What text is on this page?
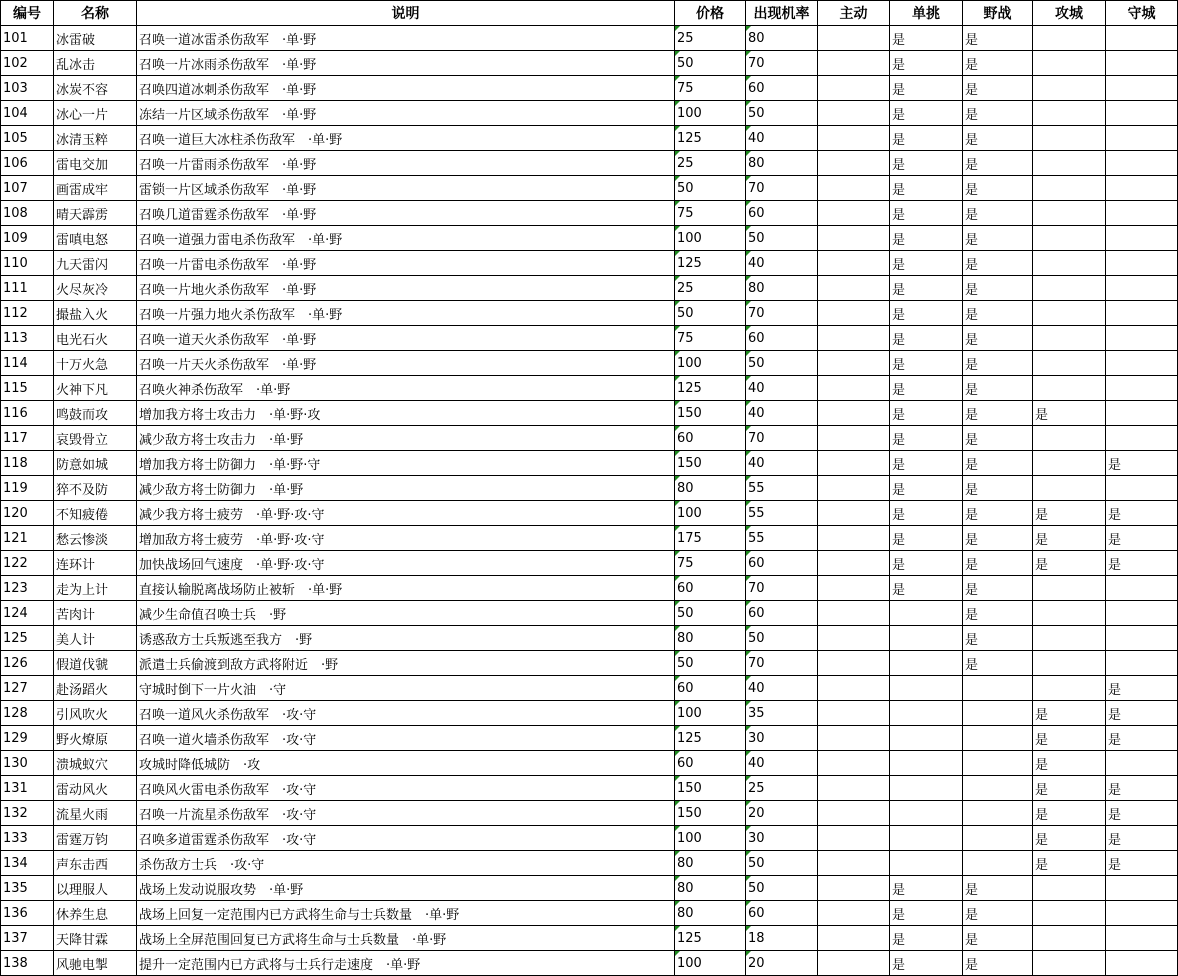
编号	名称	说明	价格	出现机率	主动	单挑	野战	攻城	守城
101	冰雷破	召唤一道冰雷杀伤敌军　·单·野	25	80		是	是		
102	乱冰击	召唤一片冰雨杀伤敌军　·单·野	50	70		是	是		
103	冰炭不容	召唤四道冰刺杀伤敌军　·单·野	75	60		是	是		
104	冰心一片	冻结一片区域杀伤敌军　·单·野	100	50		是	是		
105	冰清玉粹	召唤一道巨大冰柱杀伤敌军　·单·野	125	40		是	是		
106	雷电交加	召唤一片雷雨杀伤敌军　·单·野	25	80		是	是		
107	画雷成牢	雷锁一片区域杀伤敌军　·单·野	50	70		是	是		
108	晴天霹雳	召唤几道雷霆杀伤敌军　·单·野	75	60		是	是		
109	雷嗔电怒	召唤一道强力雷电杀伤敌军　·单·野	100	50		是	是		
110	九天雷闪	召唤一片雷电杀伤敌军　·单·野	125	40		是	是		
111	火尽灰冷	召唤一片地火杀伤敌军　·单·野	25	80		是	是		
112	撮盐入火	召唤一片强力地火杀伤敌军　·单·野	50	70		是	是		
113	电光石火	召唤一道天火杀伤敌军　·单·野	75	60		是	是		
114	十万火急	召唤一片天火杀伤敌军　·单·野	100	50		是	是		
115	火神下凡	召唤火神杀伤敌军　·单·野	125	40		是	是		
116	鸣鼓而攻	增加我方将士攻击力　·单·野·攻	150	40		是	是	是	
117	哀毁骨立	减少敌方将士攻击力　·单·野	60	70		是	是		
118	防意如城	增加我方将士防御力　·单·野·守	150	40		是	是		是
119	猝不及防	减少敌方将士防御力　·单·野	80	55		是	是		
120	不知疲倦	减少我方将士疲劳　·单·野·攻·守	100	55		是	是	是	是
121	愁云惨淡	增加敌方将士疲劳　·单·野·攻·守	175	55		是	是	是	是
122	连环计	加快战场回气速度　·单·野·攻·守	75	60		是	是	是	是
123	走为上计	直接认输脱离战场防止被斩　·单·野	60	70		是	是		
124	苦肉计	减少生命值召唤士兵　·野	50	60			是		
125	美人计	诱惑敌方士兵叛逃至我方　·野	80	50			是		
126	假道伐虢	派遣士兵偷渡到敌方武将附近　·野	50	70			是		
127	赴汤蹈火	守城时倒下一片火油　·守	60	40					是
128	引风吹火	召唤一道风火杀伤敌军　·攻·守	100	35				是	是
129	野火燎原	召唤一道火墙杀伤敌军　·攻·守	125	30				是	是
130	溃城蚁穴	攻城时降低城防　·攻	60	40				是	
131	雷动风火	召唤风火雷电杀伤敌军　·攻·守	150	25				是	是
132	流星火雨	召唤一片流星杀伤敌军　·攻·守	150	20				是	是
133	雷霆万钧	召唤多道雷霆杀伤敌军　·攻·守	100	30				是	是
134	声东击西	杀伤敌方士兵　·攻·守	80	50				是	是
135	以理服人	战场上发动说服攻势　·单·野	80	50		是	是		
136	休养生息	战场上回复一定范围内已方武将生命与士兵数量　·单·野	80	60		是	是		
137	天降甘霖	战场上全屏范围回复已方武将生命与士兵数量　·单·野	125	18		是	是		
138	风驰电掣	提升一定范围内已方武将与士兵行走速度　·单·野	100	20		是	是		
